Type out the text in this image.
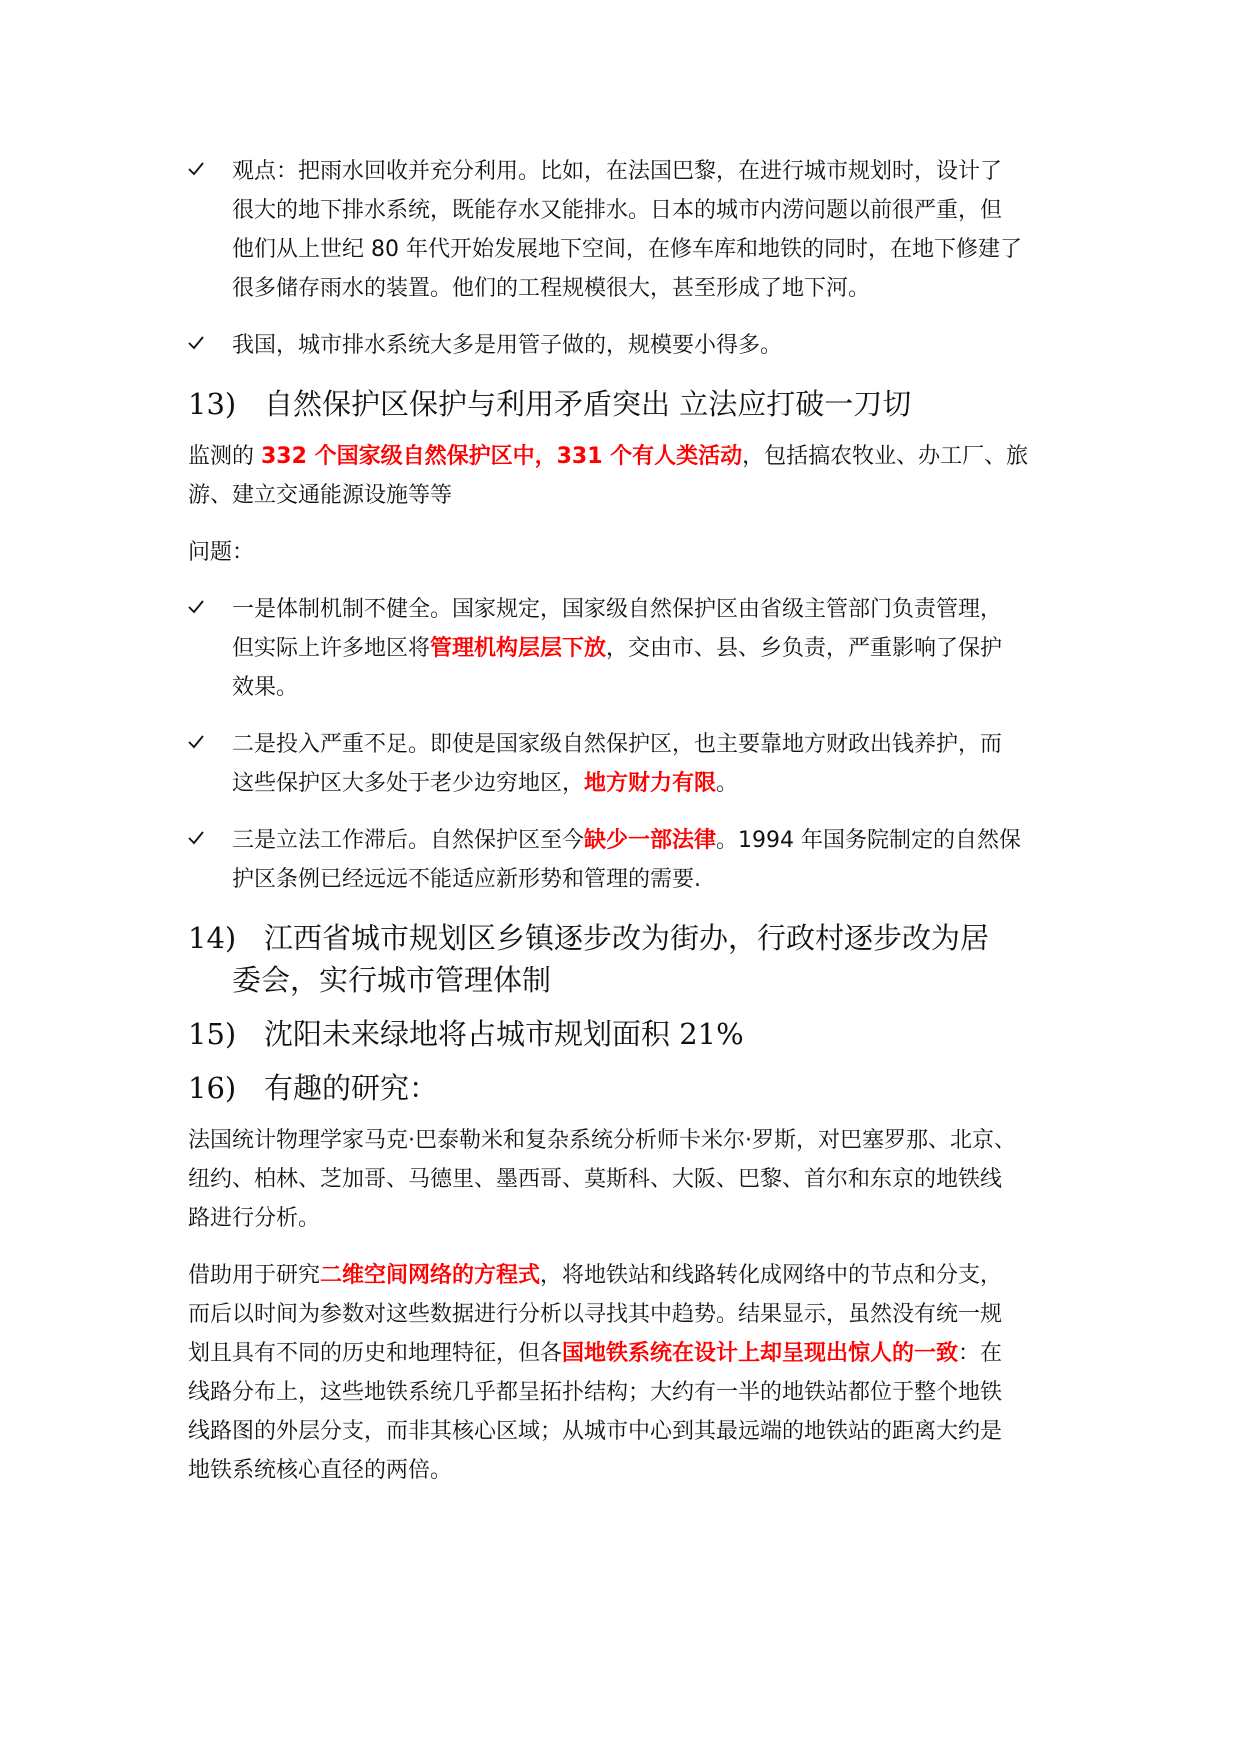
观点：把雨水回收并充分利用。比如，在法国巴黎，在进行城市规划时，设计了
很大的地下排水系统，既能存水又能排水。日本的城市内涝问题以前很严重，但
他们从上世纪 80 年代开始发展地下空间，在修车库和地铁的同时，在地下修建了
很多储存雨水的装置。他们的工程规模很大，甚至形成了地下河。
我国，城市排水系统大多是用管子做的，规模要小得多。
13) 自然保护区保护与利用矛盾突出 立法应打破一刀切
监测的 332 个国家级自然保护区中，331 个有人类活动，包括搞农牧业、办工厂、旅
游、建立交通能源设施等等
问题：
一是体制机制不健全。国家规定，国家级自然保护区由省级主管部门负责管理，
但实际上许多地区将管理机构层层下放，交由市、县、乡负责，严重影响了保护
效果。
二是投入严重不足。即使是国家级自然保护区，也主要靠地方财政出钱养护，而
这些保护区大多处于老少边穷地区，地方财力有限。
三是立法工作滞后。自然保护区至今缺少一部法律。1994 年国务院制定的自然保
护区条例已经远远不能适应新形势和管理的需要.
14) 江西省城市规划区乡镇逐步改为街办，行政村逐步改为居
委会，实行城市管理体制
15) 沈阳未来绿地将占城市规划面积 21%
16) 有趣的研究：
法国统计物理学家马克·巴泰勒米和复杂系统分析师卡米尔·罗斯，对巴塞罗那、北京、
纽约、柏林、芝加哥、马德里、墨西哥、莫斯科、大阪、巴黎、首尔和东京的地铁线
路进行分析。
借助用于研究二维空间网络的方程式，将地铁站和线路转化成网络中的节点和分支，
而后以时间为参数对这些数据进行分析以寻找其中趋势。结果显示，虽然没有统一规
划且具有不同的历史和地理特征，但各国地铁系统在设计上却呈现出惊人的一致：在
线路分布上，这些地铁系统几乎都呈拓扑结构；大约有一半的地铁站都位于整个地铁
线路图的外层分支，而非其核心区域；从城市中心到其最远端的地铁站的距离大约是
地铁系统核心直径的两倍。
